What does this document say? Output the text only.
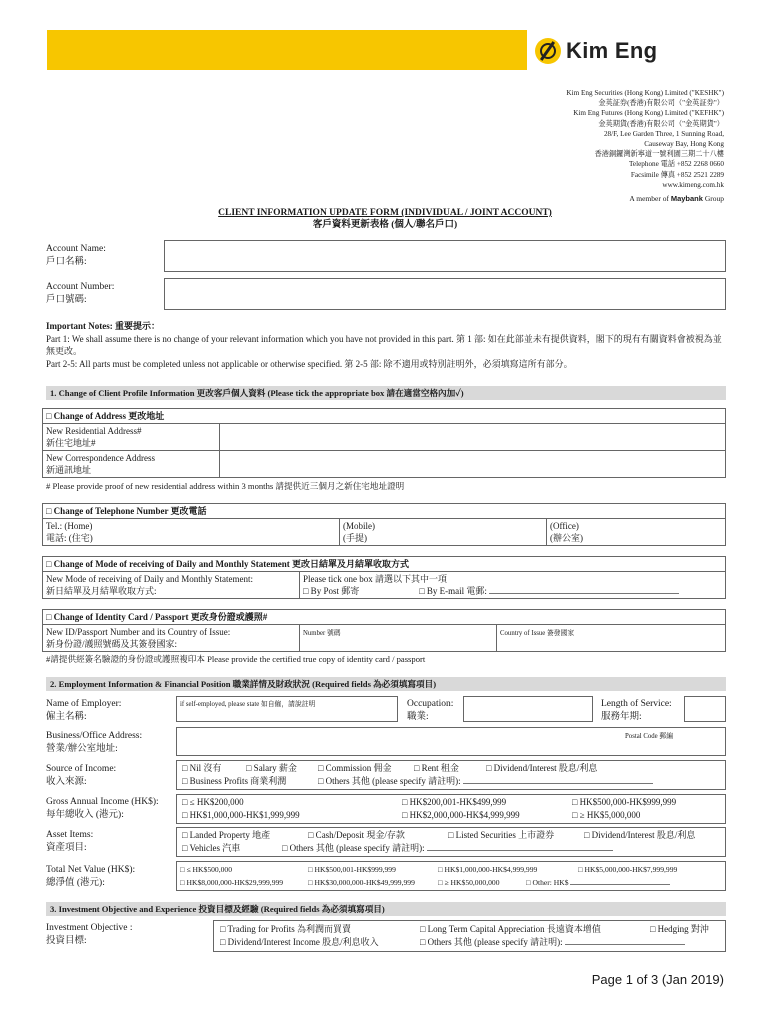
Kim Eng
Kim Eng Securities (Hong Kong) Limited ("KESHK")
金英証券(香港)有限公司（"金英証券"）
Kim Eng Futures (Hong Kong) Limited ("KEFHK")
金英期貨(香港)有限公司（"金英期貨"）
28/F, Lee Garden Three, 1 Sunning Road,
Causeway Bay, Hong Kong
香港銅鑼灣新寧道一號利園三期二十八樓
Telephone 電話 +852 2268 0660
Facsimile 傳真 +852 2521 2289
www.kimeng.com.hk
A member of Maybank Group
CLIENT INFORMATION UPDATE FORM (INDIVIDUAL / JOINT ACCOUNT)
客戶資料更新表格 (個人/聯名戶口)
Account Name:
戶口名稱:
Account Number:
戶口號碼:
Important Notes: 重要提示：
Part 1: We shall assume there is no change of your relevant information which you have not provided in this part. 第 1 部: 如在此部並未有提供資料，閣下的現有有關資料會被視為並無更改。
Part 2-5: All parts must be completed unless not applicable or otherwise specified. 第 2-5 部: 除不適用或特別註明外，必須填寫這所有部分。
1. Change of Client Profile Information 更改客戶個人資料 (Please tick the appropriate box 請在適當空格內加✓)
□ Change of Address 更改地址	

New Residential Address#
新住宅地址#	

New Correspondence Address
新通訊地址	

# Please provide proof of new residential address within 3 months 請提供近三個月之新住宅地址證明
□ Change of Telephone Number 更改電話

Tel.: (Home)
電話: (住宅)

(Mobile)
(手提)

(Office)
(辦公室)
□ Change of Mode of receiving of Daily and Monthly Statement 更改日結單及月結單收取方式

New Mode of receiving of Daily and Monthly Statement:
新日結單及月結單收取方式:

Please tick one box 請選以下其中一項
□ By Post 郵寄	□ By E-mail 電郵:
□ Change of Identity Card / Passport 更改身份證或護照#

New ID/Passport Number and its Country of Issue:
新身份證/護照號碼及其簽發國家:
	Number 號碼	Country of Issue 簽發國家
#請提供經簽名驗證的身份證或護照複印本 Please provide the certified true copy of identity card / passport
2. Employment Information & Financial Position 職業詳情及財政狀況 (Required fields 為必須填寫項目)
Name of Employer:
僱主名稱:
if self-employed, please state 如自僱，請說註明	Occupation:
職業:
Length of Service:
服務年期:
Business/Office Address:
營業/辦公室地址:
Postal Code 郵編
Source of Income:
收入來源:
□ Nil 沒有	□ Salary 薪金 □ Commission 佣金	□ Rent 租金	□ Dividend/Interest 股息/利息
□ Business Profits 商業利潤	□ Others 其他 (please specify 請註明):
Gross Annual Income (HK$):
每年總收入 (港元):
□ ≤ HK$200,000	□ HK$200,001-HK$499,999	□ HK$500,000-HK$999,999
□ HK$1,000,000-HK$1,999,999	□ HK$2,000,000-HK$4,999,999	□ ≥ HK$5,000,000
Asset Items:
資產項目:
□ Landed Property 地產	□ Cash/Deposit 現金/存款	□ Listed Securities 上市證券	□ Dividend/Interest 股息/利息
□ Vehicles 汽車	□ Others 其他 (please specify 請註明):
Total Net Value (HK$):
總淨值 (港元):
□ ≤ HK$500,000	□ HK$500,001-HK$999,999	□ HK$1,000,000-HK$4,999,999	□ HK$5,000,000-HK$7,999,999
□ HK$8,000,000-HK$29,999,999	□ HK$30,000,000-HK$49,999,999	□ ≥ HK$50,000,000	□ Other: HK$
3. Investment Objective and Experience 投資目標及經驗 (Required fields 為必須填寫項目)
Investment Objective :
投資目標:
□ Trading for Profits 為利潤而買賣	□ Long Term Capital Appreciation 長遠資本增值	□ Hedging 對沖
□ Dividend/Interest Income 股息/利息收入	□ Others 其他 (please specify 請註明):
Page 1 of 3 (Jan 2019)
